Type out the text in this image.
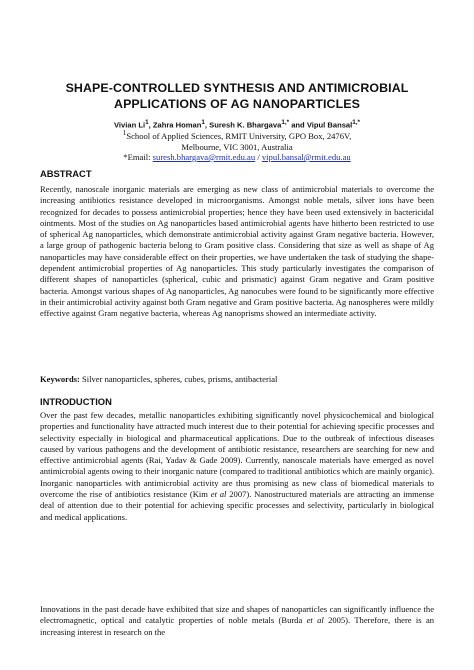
SHAPE-CONTROLLED SYNTHESIS AND ANTIMICROBIAL
APPLICATIONS OF AG NANOPARTICLES
Vivian Li$^1$, Zahra Homan$^1$, Suresh K. Bhargava$^{1,*}$ and Vipul Bansal$^{1,*}$
$^1$School of Applied Sciences, RMIT University, GPO Box, 2476V,
Melbourne, VIC 3001, Australia
*Email: suresh.bhargava@rmit.edu.au / vipul.bansal@rmit.edu.au
ABSTRACT

Recently, nanoscale inorganic materials are emerging as new class of antimicrobial materials to overcome the increasing antibiotics resistance developed in microorganisms. Amongst noble metals, silver ions have been recognized for decades to possess antimicrobial properties; hence they have been used extensively in bactericidal ointments. Most of the studies on Ag nanoparticles based antimicrobial agents have hitherto been restricted to use of spherical Ag nanoparticles, which demonstrate antimicrobial activity against Gram negative bacteria. However, a large group of pathogenic bacteria belong to Gram positive class. Considering that size as well as shape of Ag nanoparticles may have considerable effect on their properties, we have undertaken the task of studying the shape-dependent antimicrobial properties of Ag nanoparticles. This study particularly investigates the comparison of different shapes of nanoparticles (spherical, cubic and prismatic) against Gram negative and Gram positive bacteria. Amongst various shapes of Ag nanoparticles, Ag nanocubes were found to be significantly more effective in their antimicrobial activity against both Gram negative and Gram positive bacteria. Ag nanospheres were mildly effective against Gram negative bacteria, whereas Ag nanoprisms showed an intermediate activity.

Keywords: Silver nanoparticles, spheres, cubes, prisms, antibacterial
INTRODUCTION

Over the past few decades, metallic nanoparticles exhibiting significantly novel physicochemical and biological properties and functionality have attracted much interest due to their potential for achieving specific processes and selectivity especially in biological and pharmaceutical applications. Due to the outbreak of infectious diseases caused by various pathogens and the development of antibiotic resistance, researchers are searching for new and effective antimicrobial agents (Rai, Yadav & Gade 2009). Currently, nanoscale materials have emerged as novel antimicrobial agents owing to their inorganic nature (compared to traditional antibiotics which are mainly organic). Inorganic nanoparticles with antimicrobial activity are thus promising as new class of biomedical materials to overcome the rise of antibiotics resistance (Kim et al 2007). Nanostructured materials are attracting an immense deal of attention due to their potential for achieving specific processes and selectivity, particularly in biological and medical applications.

Innovations in the past decade have exhibited that size and shapes of nanoparticles can significantly influence the electromagnetic, optical and catalytic properties of noble metals (Burda et al 2005). Therefore, there is an increasing interest in research on the
